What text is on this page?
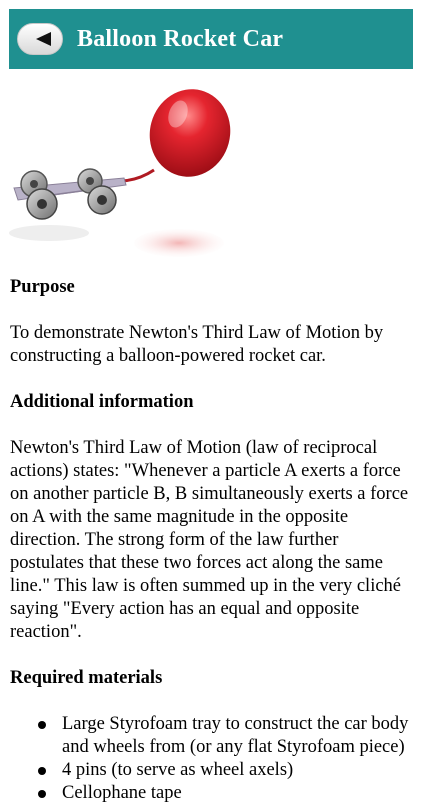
Balloon Rocket Car
Purpose

To demonstrate Newton's Third Law of Motion by constructing a balloon-powered rocket car.

Additional information

Newton's Third Law of Motion (law of reciprocal actions) states: "Whenever a particle A exerts a force on another particle B, B simultaneously exerts a force on A with the same magnitude in the opposite direction. The strong form of the law further postulates that these two forces act along the same line." This law is often summed up in the very cliché saying "Every action has an equal and opposite reaction".

Required materials
Large Styrofoam tray to construct the car body and wheels from (or any flat Styrofoam piece)
4 pins (to serve as wheel axels)
Cellophane tape
